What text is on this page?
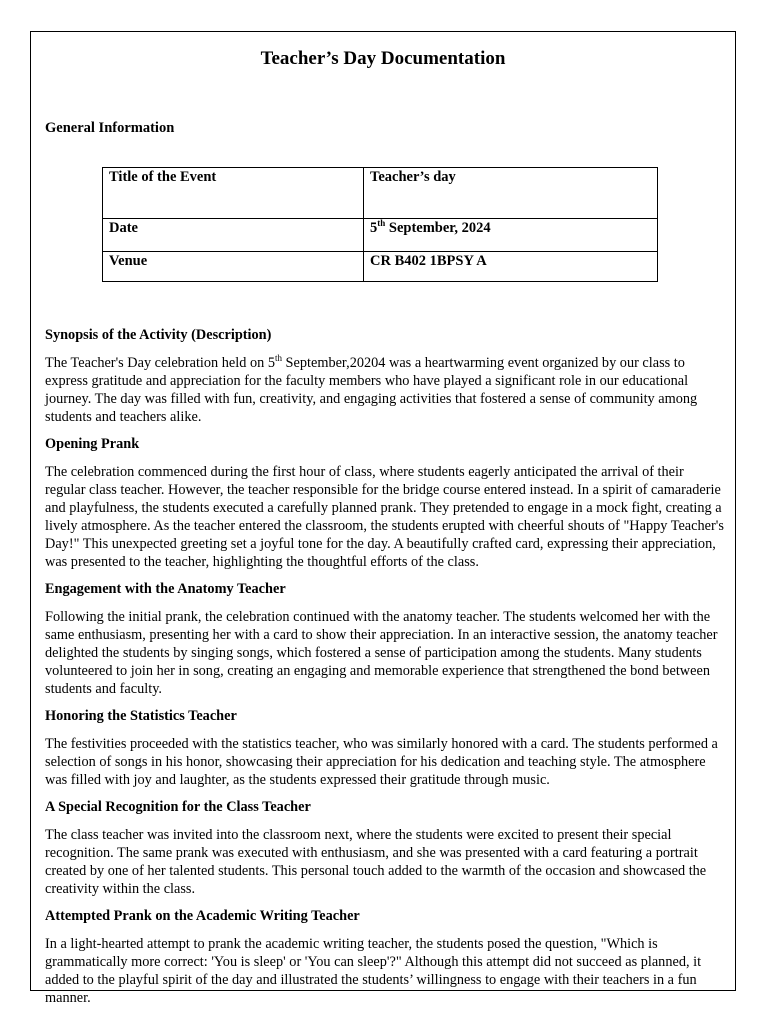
Teacher’s Day Documentation
General Information
Title of the Event	Teacher’s day
Date	5th September, 2024
Venue	CR B402 1BPSY A
Synopsis of the Activity (Description)

The Teacher's Day celebration held on 5th September,20204 was a heartwarming event organized by our class to express gratitude and appreciation for the faculty members who have played a significant role in our educational journey. The day was filled with fun, creativity, and engaging activities that fostered a sense of community among students and teachers alike.

Opening Prank

The celebration commenced during the first hour of class, where students eagerly anticipated the arrival of their regular class teacher. However, the teacher responsible for the bridge course entered instead. In a spirit of camaraderie and playfulness, the students executed a carefully planned prank. They pretended to engage in a mock fight, creating a lively atmosphere. As the teacher entered the classroom, the students erupted with cheerful shouts of "Happy Teacher's Day!" This unexpected greeting set a joyful tone for the day. A beautifully crafted card, expressing their appreciation, was presented to the teacher, highlighting the thoughtful efforts of the class.

Engagement with the Anatomy Teacher

Following the initial prank, the celebration continued with the anatomy teacher. The students welcomed her with the same enthusiasm, presenting her with a card to show their appreciation. In an interactive session, the anatomy teacher delighted the students by singing songs, which fostered a sense of participation among the students. Many students volunteered to join her in song, creating an engaging and memorable experience that strengthened the bond between students and faculty.

Honoring the Statistics Teacher

The festivities proceeded with the statistics teacher, who was similarly honored with a card. The students performed a selection of songs in his honor, showcasing their appreciation for his dedication and teaching style. The atmosphere was filled with joy and laughter, as the students expressed their gratitude through music.

A Special Recognition for the Class Teacher

The class teacher was invited into the classroom next, where the students were excited to present their special recognition. The same prank was executed with enthusiasm, and she was presented with a card featuring a portrait created by one of her talented students. This personal touch added to the warmth of the occasion and showcased the creativity within the class.

Attempted Prank on the Academic Writing Teacher

In a light-hearted attempt to prank the academic writing teacher, the students posed the question, "Which is grammatically more correct: 'You is sleep' or 'You can sleep'?" Although this attempt did not succeed as planned, it added to the playful spirit of the day and illustrated the students’ willingness to engage with their teachers in a fun manner.
